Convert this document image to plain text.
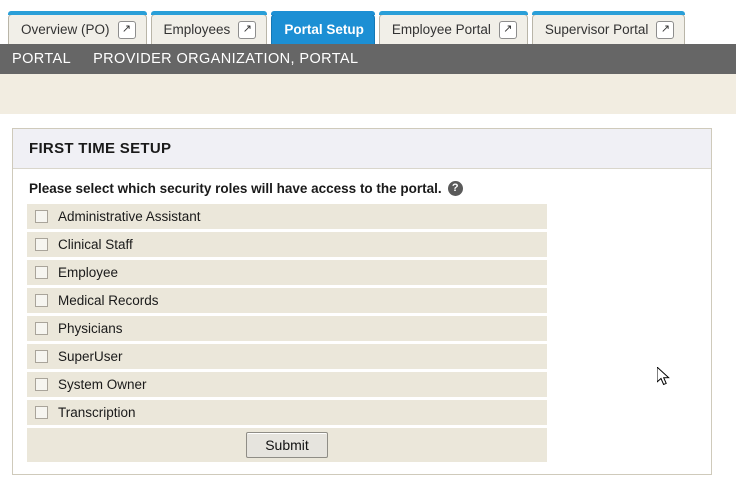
Overview (PO)	↗	Employees	↗	Portal Setup Employee Portal	↗	Supervisor Portal	↗
PORTAL PROVIDER ORGANIZATION, PORTAL
FIRST TIME SETUP
Please select which security roles will have access to the portal. ?
Administrative Assistant
Clinical Staff
Employee
Medical Records
Physicians
SuperUser
System Owner
Transcription
Submit
